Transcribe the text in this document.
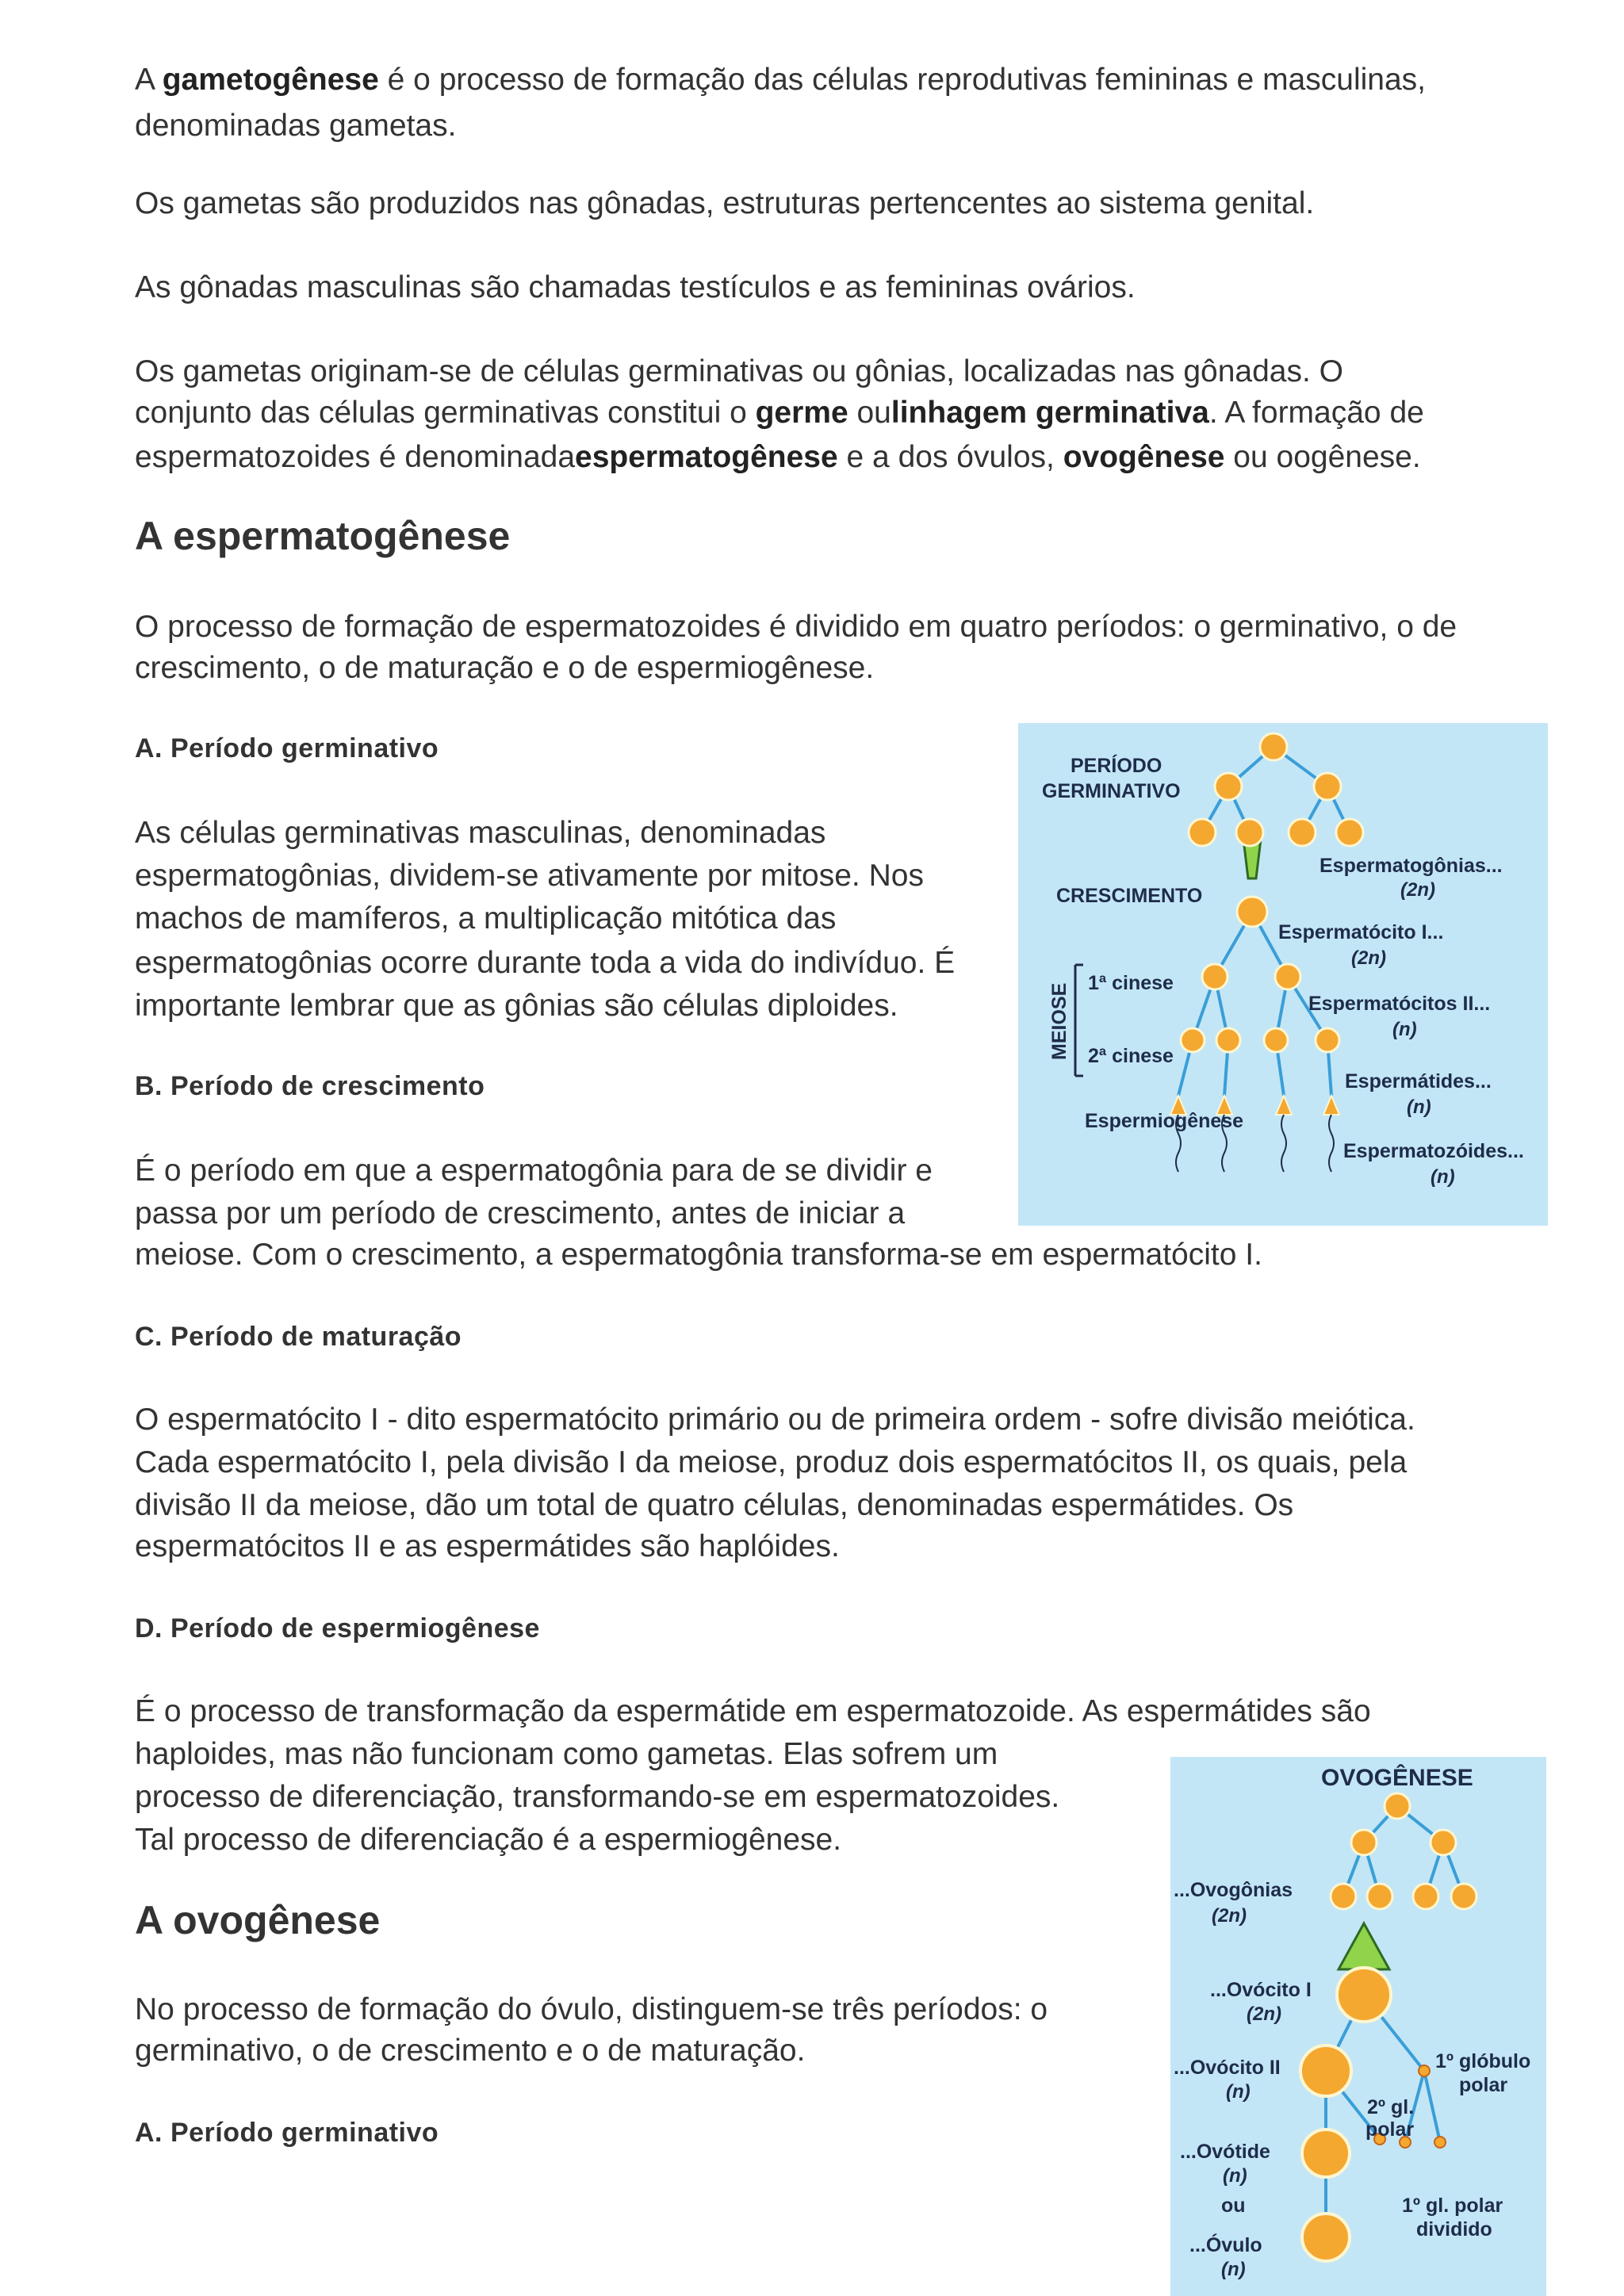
A gametogênese é o processo de formação das células reprodutivas femininas e masculinas,

denominadas gametas.

Os gametas são produzidos nas gônadas, estruturas pertencentes ao sistema genital.

As gônadas masculinas são chamadas testículos e as femininas ovários.

Os gametas originam-se de células germinativas ou gônias, localizadas nas gônadas. O

conjunto das células germinativas constitui o germe oulinhagem germinativa. A formação de

espermatozoides é denominadaespermatogênese e a dos óvulos, ovogênese ou oogênese.

A espermatogênese

O processo de formação de espermatozoides é dividido em quatro períodos: o germinativo, o de

crescimento, o de maturação e o de espermiogênese.

A. Período germinativo

As células germinativas masculinas, denominadas

espermatogônias, dividem-se ativamente por mitose. Nos

machos de mamíferos, a multiplicação mitótica das

espermatogônias ocorre durante toda a vida do indivíduo. É

importante lembrar que as gônias são células diploides.

B. Período de crescimento

É o período em que a espermatogônia para de se dividir e

passa por um período de crescimento, antes de iniciar a

meiose. Com o crescimento, a espermatogônia transforma-se em espermatócito I.

C. Período de maturação

O espermatócito I - dito espermatócito primário ou de primeira ordem - sofre divisão meiótica.

Cada espermatócito I, pela divisão I da meiose, produz dois espermatócitos II, os quais, pela

divisão II da meiose, dão um total de quatro células, denominadas espermátides. Os

espermatócitos II e as espermátides são haplóides.

D. Período de espermiogênese

É o processo de transformação da espermátide em espermatozoide. As espermátides são

haploides, mas não funcionam como gametas. Elas sofrem um

processo de diferenciação, transformando-se em espermatozoides.

Tal processo de diferenciação é a espermiogênese.

A ovogênese

No processo de formação do óvulo, distinguem-se três períodos: o

germinativo, o de crescimento e o de maturação.

A. Período germinativo
PERÍODO
GERMINATIVO
CRESCIMENTO
MEIOSE 1ª cinese
2ª cinese
Espermiogênese
Espermatogônias...
(2n)
Espermatócito I...
(2n)
Espermatócitos II...
(n)
Espermátides...
(n)
Espermatozóides...
(n)
OVOGÊNESE
...Ovogônias
(2n)
...Ovócito I
(2n)
...Ovócito II
(n)
...Ovótide
(n)
ou
...Óvulo
(n)
1º glóbulo
polar
2º gl.
polar
1º gl. polar
dividido
